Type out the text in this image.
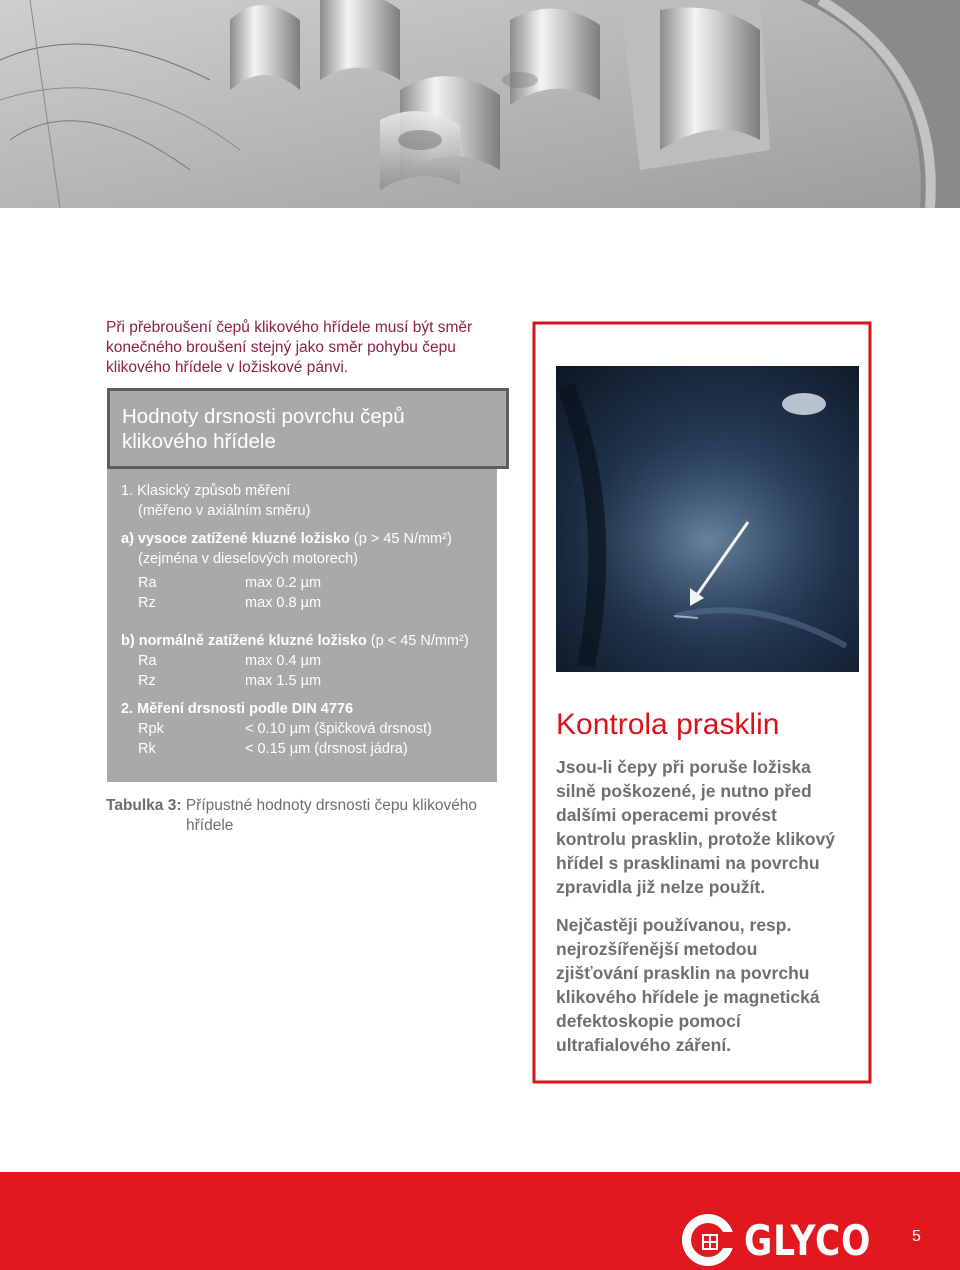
Při přebroušení čepů klikového hřídele musí být směr
konečného broušení stejný jako směr pohybu čepu
klikového hřídele v ložiskové pánvi.
Hodnoty drsnosti povrchu čepů
klikového hřídele
1. Klasický způsob měření
(měřeno v axiálním směru)
a) vysoce zatížené kluzné ložisko (p > 45 N/mm²)
(zejména v dieselových motorech)
Ra	max 0.2 µm
Rz	max 0.8 µm
b) normálně zatížené kluzné ložisko (p < 45 N/mm²)
Ra	max 0.4 µm
Rz	max 1.5 µm
2. Měření drsnosti podle DIN 4776
Rpk	< 0.10 µm (špičková drsnost)
Rk	< 0.15 µm (drsnost jádra)
Tabulka 3: Přípustné hodnoty drsnosti čepu klikového
hřídele
Kontrola prasklin

Jsou-li čepy při poruše ložiska
silně poškozené, je nutno před
dalšími operacemi provést
kontrolu prasklin, protože klikový
hřídel s prasklinami na povrchu
zpravidla již nelze použít.

Nejčastěji používanou, resp.
nejrozšířenější metodou
zjišťování prasklin na povrchu
klikového hřídele je magnetická
defektoskopie pomocí
ultrafialového záření.

GLYCO	5
